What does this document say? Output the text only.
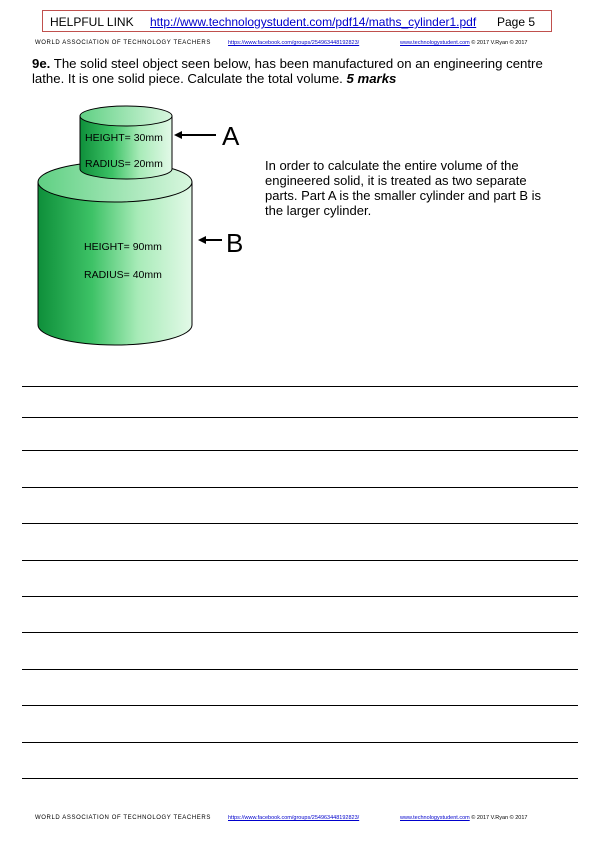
HELPFUL LINK http://www.technologystudent.com/pdf14/maths_cylinder1.pdf Page 5
WORLD ASSOCIATION OF TECHNOLOGY TEACHERS	https://www.facebook.com/groups/254963448192823/	www.technologystudent.com © 2017 V.Ryan © 2017
9e. The solid steel object seen below, has been manufactured on an engineering centre lathe. It is one solid piece. Calculate the total volume. 5 marks
HEIGHT= 30mm
RADIUS= 20mm
A
HEIGHT= 90mm
RADIUS= 40mm
B
In order to calculate the entire volume of the engineered solid, it is treated as two separate parts. Part A is the smaller cylinder and part B is the larger cylinder.
WORLD ASSOCIATION OF TECHNOLOGY TEACHERS	https://www.facebook.com/groups/254963448192823/	www.technologystudent.com © 2017 V.Ryan © 2017
